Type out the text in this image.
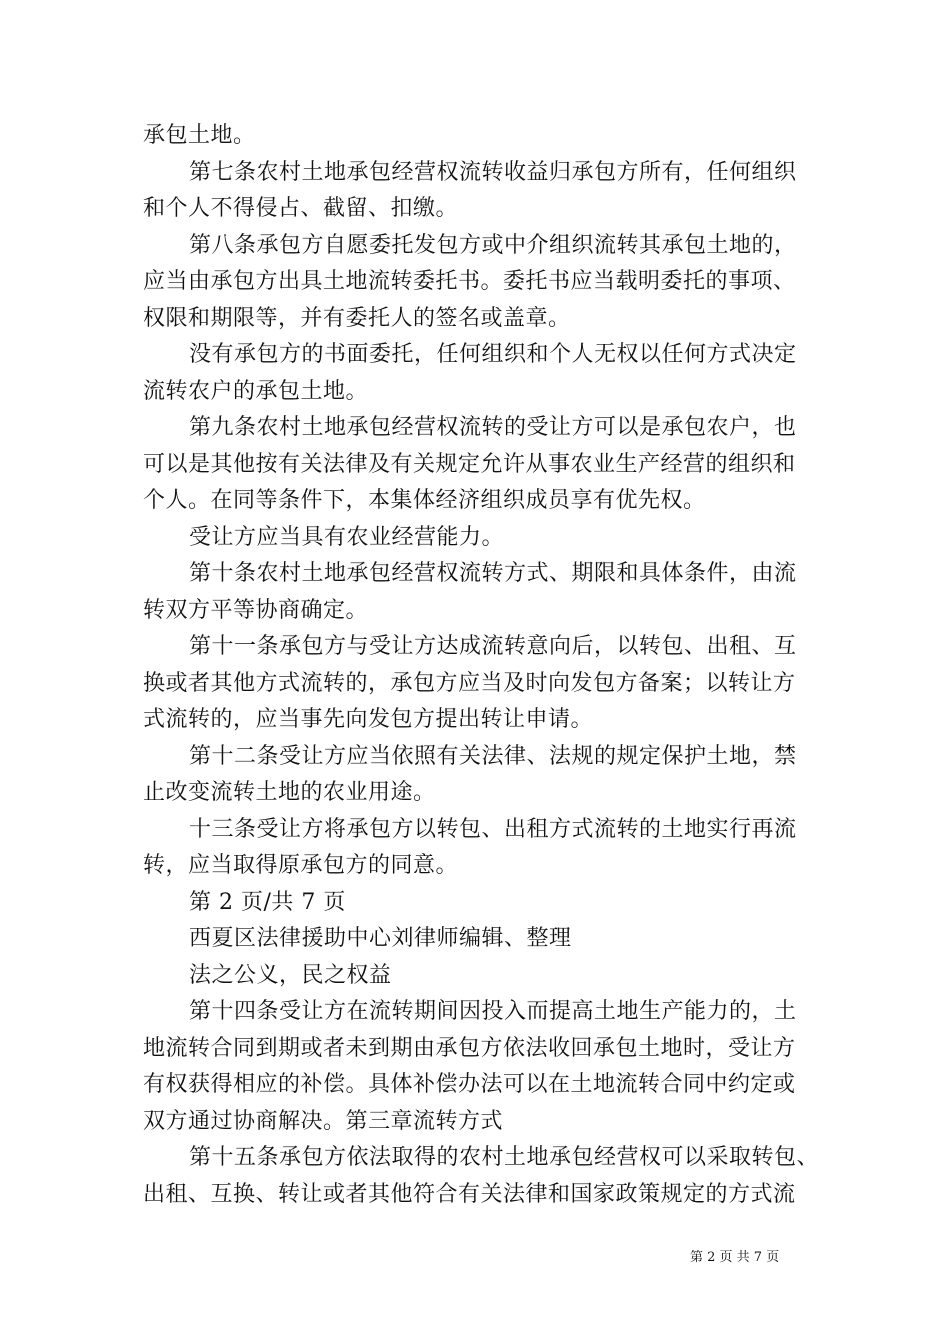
承包土地。
第七条农村土地承包经营权流转收益归承包方所有，任何组织
和个人不得侵占、截留、扣缴。
第八条承包方自愿委托发包方或中介组织流转其承包土地的，
应当由承包方出具土地流转委托书。委托书应当载明委托的事项、
权限和期限等，并有委托人的签名或盖章。
没有承包方的书面委托，任何组织和个人无权以任何方式决定
流转农户的承包土地。
第九条农村土地承包经营权流转的受让方可以是承包农户，也
可以是其他按有关法律及有关规定允许从事农业生产经营的组织和
个人。在同等条件下，本集体经济组织成员享有优先权。
受让方应当具有农业经营能力。
第十条农村土地承包经营权流转方式、期限和具体条件，由流
转双方平等协商确定。
第十一条承包方与受让方达成流转意向后，以转包、出租、互
换或者其他方式流转的，承包方应当及时向发包方备案；以转让方
式流转的，应当事先向发包方提出转让申请。
第十二条受让方应当依照有关法律、法规的规定保护土地，禁
止改变流转土地的农业用途。
十三条受让方将承包方以转包、出租方式流转的土地实行再流
转，应当取得原承包方的同意。
第 2 页/共 7 页
西夏区法律援助中心刘律师编辑、整理
法之公义，民之权益
第十四条受让方在流转期间因投入而提高土地生产能力的，土
地流转合同到期或者未到期由承包方依法收回承包土地时，受让方
有权获得相应的补偿。具体补偿办法可以在土地流转合同中约定或
双方通过协商解决。第三章流转方式
第十五条承包方依法取得的农村土地承包经营权可以采取转包、
出租、互换、转让或者其他符合有关法律和国家政策规定的方式流
第 2 页 共 7 页
